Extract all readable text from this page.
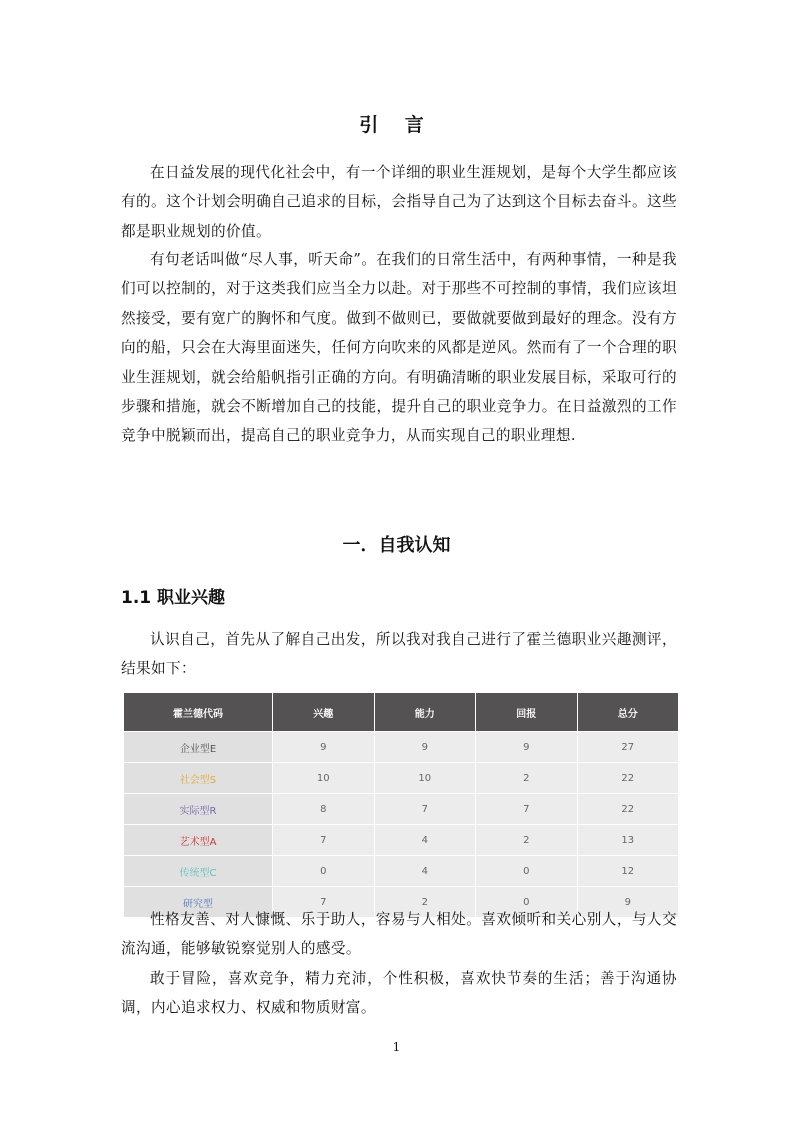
引 言
在日益发展的现代化社会中，有一个详细的职业生涯规划，是每个大学生都应该有的。这个计划会明确自己追求的目标，会指导自己为了达到这个目标去奋斗。这些都是职业规划的价值。
有句老话叫做“尽人事，听天命”。在我们的日常生活中，有两种事情，一种是我们可以控制的，对于这类我们应当全力以赴。对于那些不可控制的事情，我们应该坦然接受，要有宽广的胸怀和气度。做到不做则已，要做就要做到最好的理念。没有方向的船，只会在大海里面迷失，任何方向吹来的风都是逆风。然而有了一个合理的职业生涯规划，就会给船帆指引正确的方向。有明确清晰的职业发展目标，采取可行的步骤和措施，就会不断增加自己的技能，提升自己的职业竞争力。在日益激烈的工作竞争中脱颖而出，提高自己的职业竞争力，从而实现自己的职业理想.
一．自我认知
1.1 职业兴趣
认识自己，首先从了解自己出发，所以我对我自己进行了霍兰德职业兴趣测评，结果如下：
霍兰德代码	兴趣	能力	回报	总分
企业型E	9	9	9	27
社会型S	10	10	2	22
实际型R	8	7	7	22
艺术型A	7	4	2	13
传统型C	0	4	0	12
研究型	7	2	0	9
性格友善、对人慷慨、乐于助人，容易与人相处。喜欢倾听和关心别人，与人交流沟通，能够敏锐察觉别人的感受。
敢于冒险，喜欢竞争，精力充沛，个性积极，喜欢快节奏的生活；善于沟通协调，内心追求权力、权威和物质财富。
1
